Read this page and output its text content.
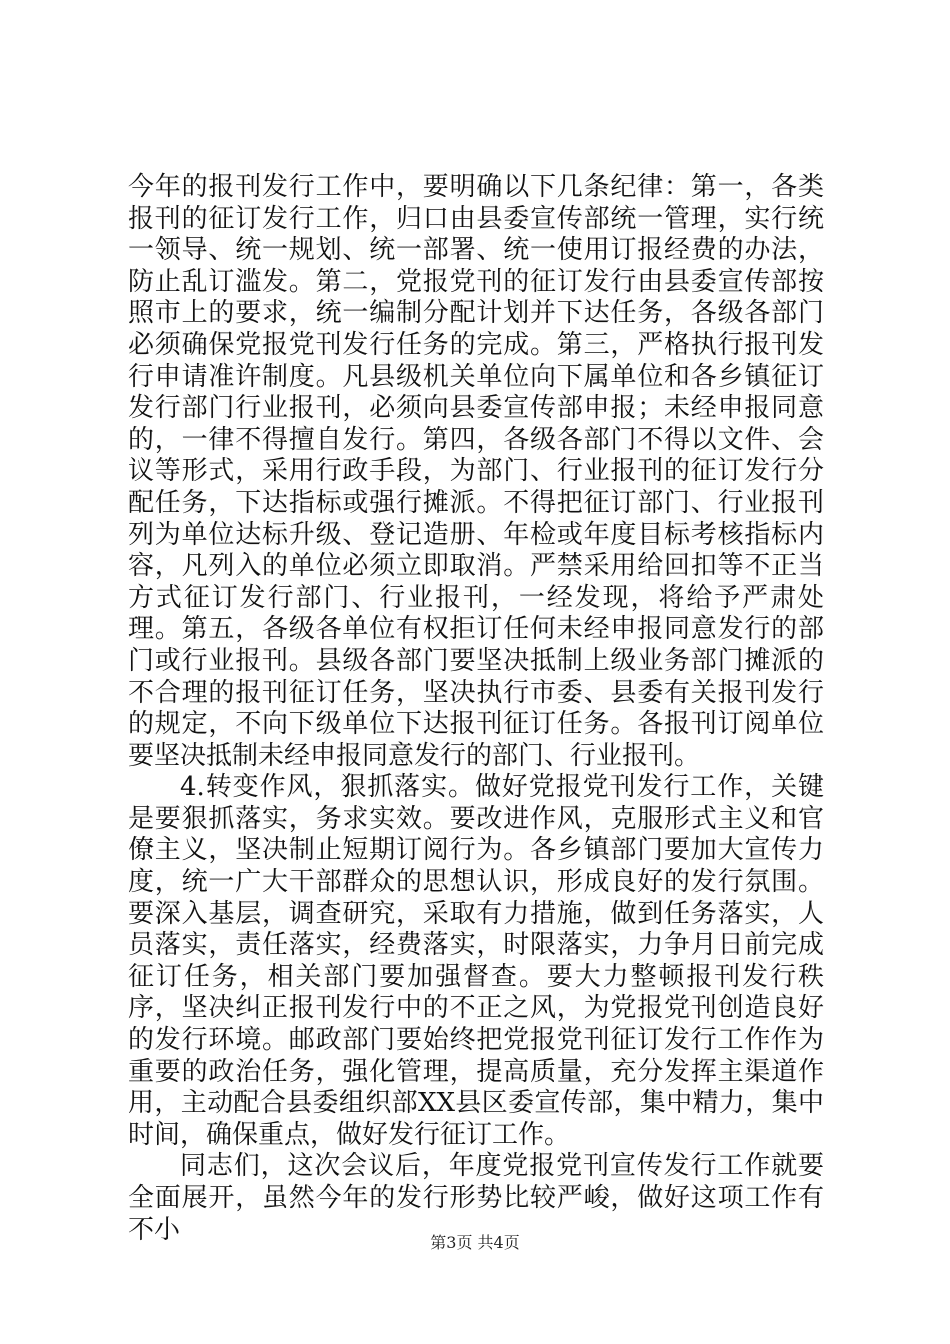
今年的报刊发行工作中，要明确以下几条纪律：第一，各类报刊的征订发行工作，归口由县委宣传部统一管理，实行统一领导、统一规划、统一部署、统一使用订报经费的办法，防止乱订滥发。第二，党报党刊的征订发行由县委宣传部按照市上的要求，统一编制分配计划并下达任务，各级各部门必须确保党报党刊发行任务的完成。第三，严格执行报刊发行申请准许制度。凡县级机关单位向下属单位和各乡镇征订发行部门行业报刊，必须向县委宣传部申报；未经申报同意的，一律不得擅自发行。第四，各级各部门不得以文件、会议等形式，采用行政手段，为部门、行业报刊的征订发行分配任务，下达指标或强行摊派。不得把征订部门、行业报刊列为单位达标升级、登记造册、年检或年度目标考核指标内容，凡列入的单位必须立即取消。严禁采用给回扣等不正当方式征订发行部门、行业报刊，一经发现，将给予严肃处理。第五，各级各单位有权拒订任何未经申报同意发行的部门或行业报刊。县级各部门要坚决抵制上级业务部门摊派的不合理的报刊征订任务，坚决执行市委、县委有关报刊发行的规定，不向下级单位下达报刊征订任务。各报刊订阅单位要坚决抵制未经申报同意发行的部门、行业报刊。

4.转变作风，狠抓落实。做好党报党刊发行工作，关键是要狠抓落实，务求实效。要改进作风，克服形式主义和官僚主义，坚决制止短期订阅行为。各乡镇部门要加大宣传力度，统一广大干部群众的思想认识，形成良好的发行氛围。要深入基层，调查研究，采取有力措施，做到任务落实，人员落实，责任落实，经费落实，时限落实，力争月日前完成征订任务，相关部门要加强督查。要大力整顿报刊发行秩序，坚决纠正报刊发行中的不正之风，为党报党刊创造良好的发行环境。邮政部门要始终把党报党刊征订发行工作作为重要的政治任务，强化管理，提高质量，充分发挥主渠道作用，主动配合县委组织部XX县区委宣传部，集中精力，集中时间，确保重点，做好发行征订工作。

同志们，这次会议后，年度党报党刊宣传发行工作就要全面展开，虽然今年的发行形势比较严峻，做好这项工作有不小	第3页 共4页
